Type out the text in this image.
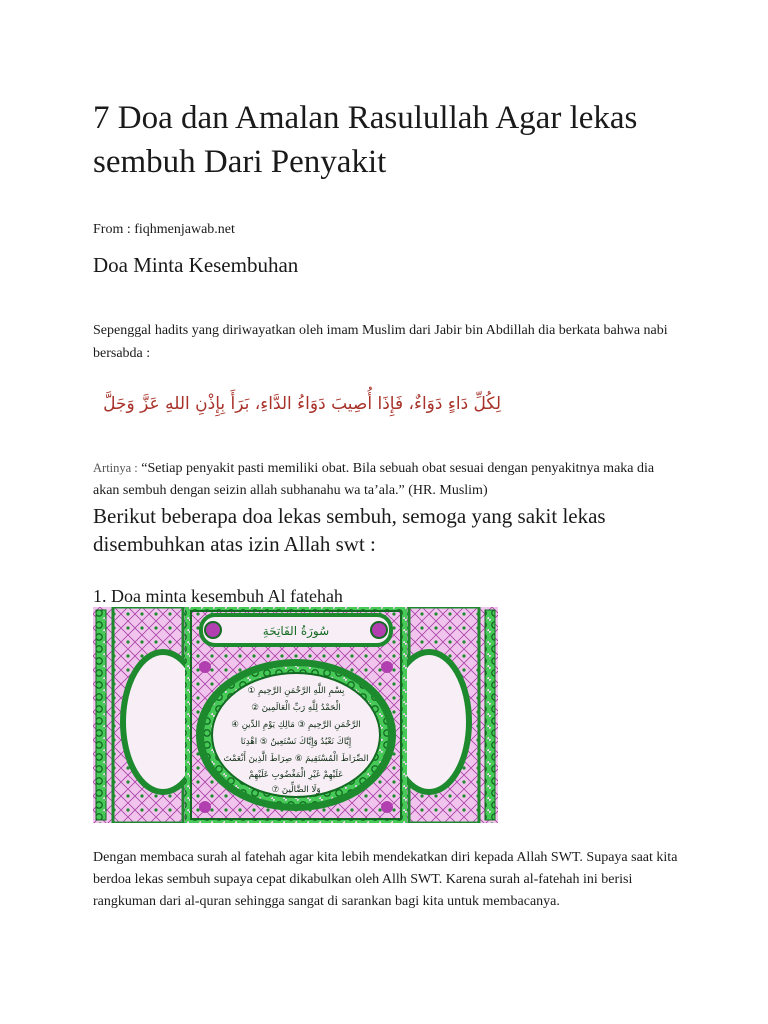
7 Doa dan Amalan Rasulullah Agar lekas sembuh Dari Penyakit
From : fiqhmenjawab.net
Doa Minta Kesembuhan
Sepenggal hadits yang diriwayatkan oleh imam Muslim dari Jabir bin Abdillah dia berkata bahwa nabi bersabda :
لِكُلِّ دَاءٍ دَوَاءٌ، فَإِذَا أُصِيبَ دَوَاءُ الدَّاءِ، بَرَأَ بِإِذْنِ اللهِ عَزَّ وَجَلَّ
Artinya : “Setiap penyakit pasti memiliki obat. Bila sebuah obat sesuai dengan penyakitnya maka dia akan sembuh dengan seizin allah subhanahu wa ta’ala.” (HR. Muslim)
Berikut beberapa doa lekas sembuh, semoga yang sakit lekas disembuhkan atas izin Allah swt :
1. Doa minta kesembuh Al fatehah
سُورَةُ الفَاتِحَةِ
بِسْمِ اللَّهِ الرَّحْمَنِ الرَّحِيمِ ①
الْحَمْدُ لِلَّهِ رَبِّ الْعَالَمِينَ ②
الرَّحْمَنِ الرَّحِيمِ ③ مَالِكِ يَوْمِ الدِّينِ ④
إِيَّاكَ نَعْبُدُ وَإِيَّاكَ نَسْتَعِينُ ⑤ اهْدِنَا
الصِّرَاطَ الْمُسْتَقِيمَ ⑥ صِرَاطَ الَّذِينَ أَنْعَمْتَ
عَلَيْهِمْ غَيْرِ الْمَغْضُوبِ عَلَيْهِمْ
وَلَا الضَّالِّينَ ⑦
Dengan membaca surah al fatehah agar kita lebih mendekatkan diri kepada Allah SWT. Supaya saat kita berdoa lekas sembuh supaya cepat dikabulkan oleh Allh SWT. Karena surah al-fatehah ini berisi rangkuman dari al-quran sehingga sangat di sarankan bagi kita untuk membacanya.
